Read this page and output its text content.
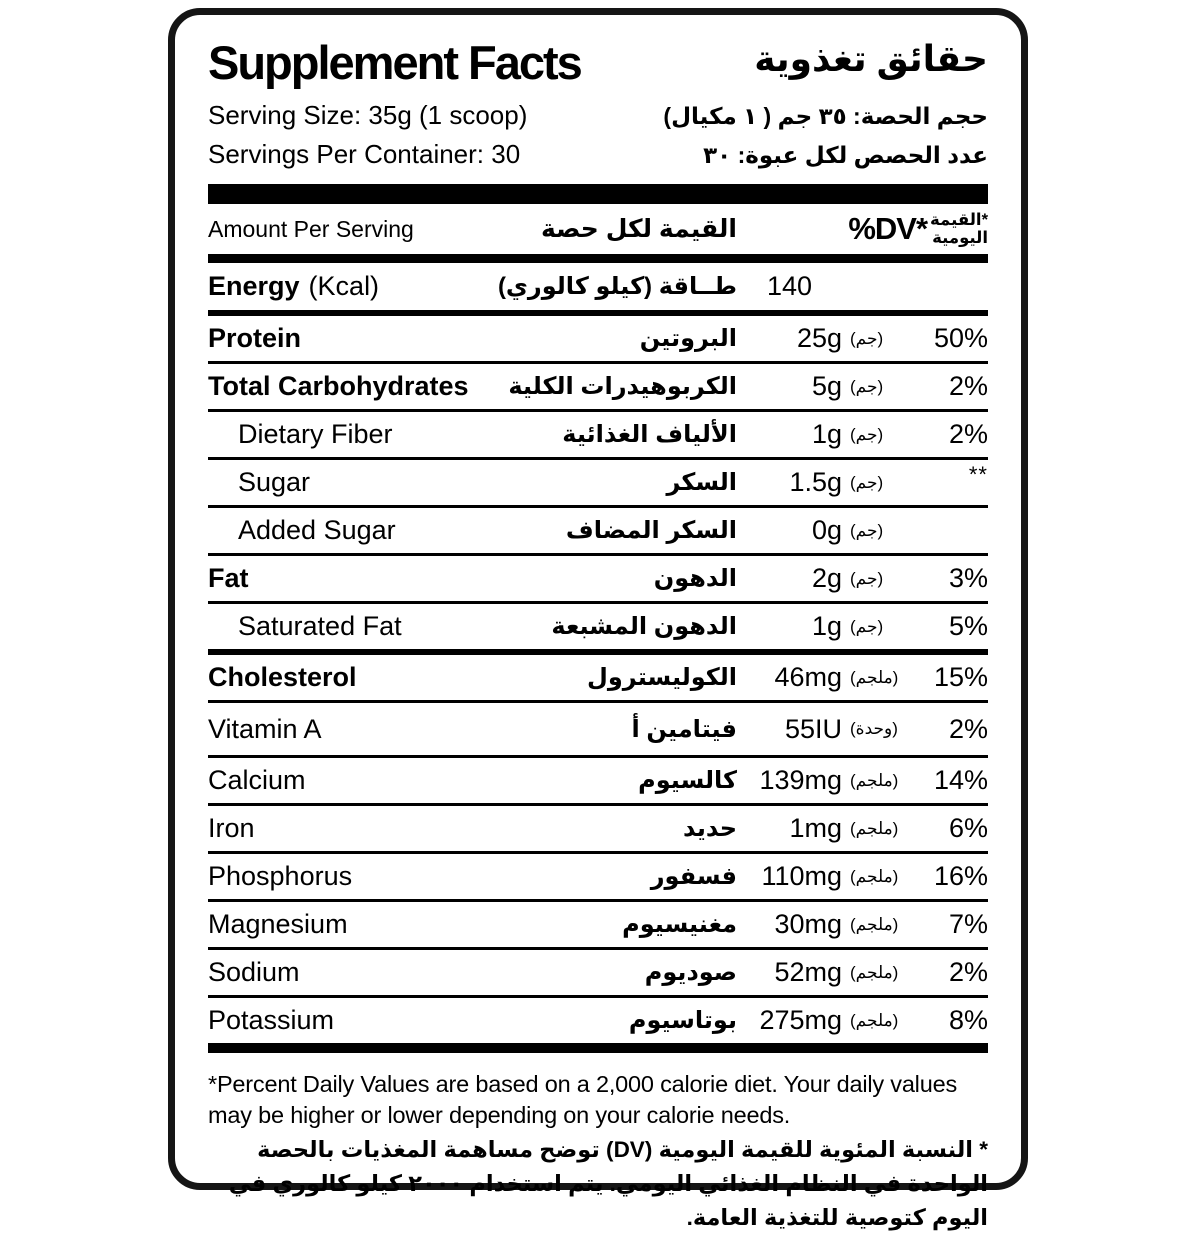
Supplement Facts	حقائق تغذوية
Serving Size: 35g (1 scoop)	حجم الحصة: ٣٥ جم ( ١ مكيال)
Servings Per Container: 30	عدد الحصص لكل عبوة: ٣٠
Amount Per Serving	القيمة لكل حصة	%DV* *القيمة
اليومية
Energy (Kcal)	طــاقة (كيلو كالوري)	140
Protein	البروتين	25g (جم)	50%
Total Carbohydrates الكربوهيدرات الكلية	5g (جم)	2%
Dietary Fiber	الألياف الغذائية	1g (جم)	2%
Sugar	السكر	1.5g (جم)	**
Added Sugar	السكر المضاف	0g (جم)
Fat	الدهون	2g (جم)	3%
Saturated Fat	الدهون المشبعة	1g (جم)	5%
Cholesterol	الكوليسترول	46mg (ملجم)	15%
Vitamin A	فيتامين أ	55IU (وحدة)	2%
Calcium	كالسيوم 139mg (ملجم)	14%
Iron	حديد	1mg (ملجم)	6%
Phosphorus	فسفور 110mg (ملجم)	16%
Magnesium	مغنيسيوم	30mg (ملجم)	7%
Sodium	صوديوم	52mg (ملجم)	2%
Potassium	بوتاسيوم 275mg (ملجم)	8%
*Percent Daily Values are based on a 2,000 calorie diet. Your daily values may be higher or lower depending on your calorie needs.
* النسبة المئوية للقيمة اليومية (DV) توضح مساهمة المغذيات بالحصة الواحدة في النظام الغذائي اليومي. يتم استخدام ٢٠٠٠ كيلو كالوري في اليوم كتوصية للتغذية العامة.
